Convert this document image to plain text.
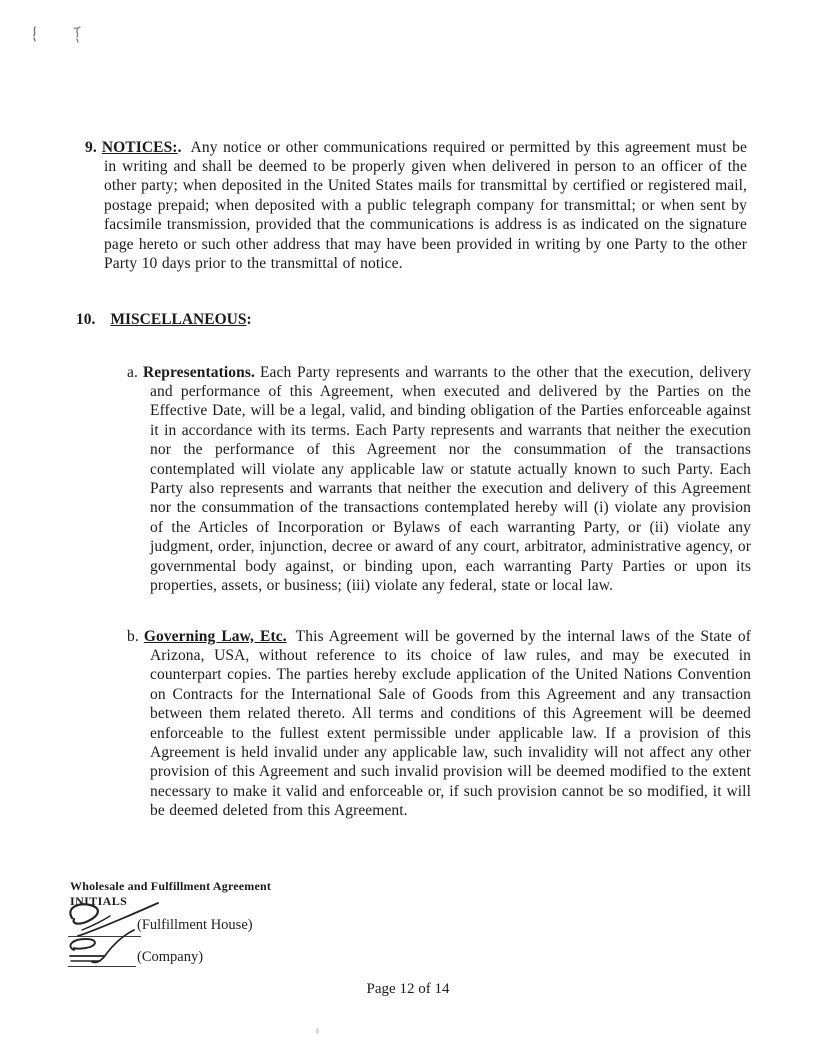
9. NOTICES:. Any notice or other communications required or permitted by this agreement must be in writing and shall be deemed to be properly given when delivered in person to an officer of the other party; when deposited in the United States mails for transmittal by certified or registered mail, postage prepaid; when deposited with a public telegraph company for transmittal; or when sent by facsimile transmission, provided that the communications is address is as indicated on the signature page hereto or such other address that may have been provided in writing by one Party to the other Party 10 days prior to the transmittal of notice.

10. MISCELLANEOUS:

a. Representations. Each Party represents and warrants to the other that the execution, delivery and performance of this Agreement, when executed and delivered by the Parties on the Effective Date, will be a legal, valid, and binding obligation of the Parties enforceable against it in accordance with its terms. Each Party represents and warrants that neither the execution nor the performance of this Agreement nor the consummation of the transactions contemplated will violate any applicable law or statute actually known to such Party. Each Party also represents and warrants that neither the execution and delivery of this Agreement nor the consummation of the transactions contemplated hereby will (i) violate any provision of the Articles of Incorporation or Bylaws of each warranting Party, or (ii) violate any judgment, order, injunction, decree or award of any court, arbitrator, administrative agency, or governmental body against, or binding upon, each warranting Party Parties or upon its properties, assets, or business; (iii) violate any federal, state or local law.

b. Governing Law, Etc. This Agreement will be governed by the internal laws of the State of Arizona, USA, without reference to its choice of law rules, and may be executed in counterpart copies. The parties hereby exclude application of the United Nations Convention on Contracts for the International Sale of Goods from this Agreement and any transaction between them related thereto. All terms and conditions of this Agreement will be deemed enforceable to the fullest extent permissible under applicable law. If a provision of this Agreement is held invalid under any applicable law, such invalidity will not affect any other provision of this Agreement and such invalid provision will be deemed modified to the extent necessary to make it valid and enforceable or, if such provision cannot be so modified, it will be deemed deleted from this Agreement.

Wholesale and Fulfillment Agreement
INITIALS
(Fulfillment House)
(Company)
Page 12 of 14
